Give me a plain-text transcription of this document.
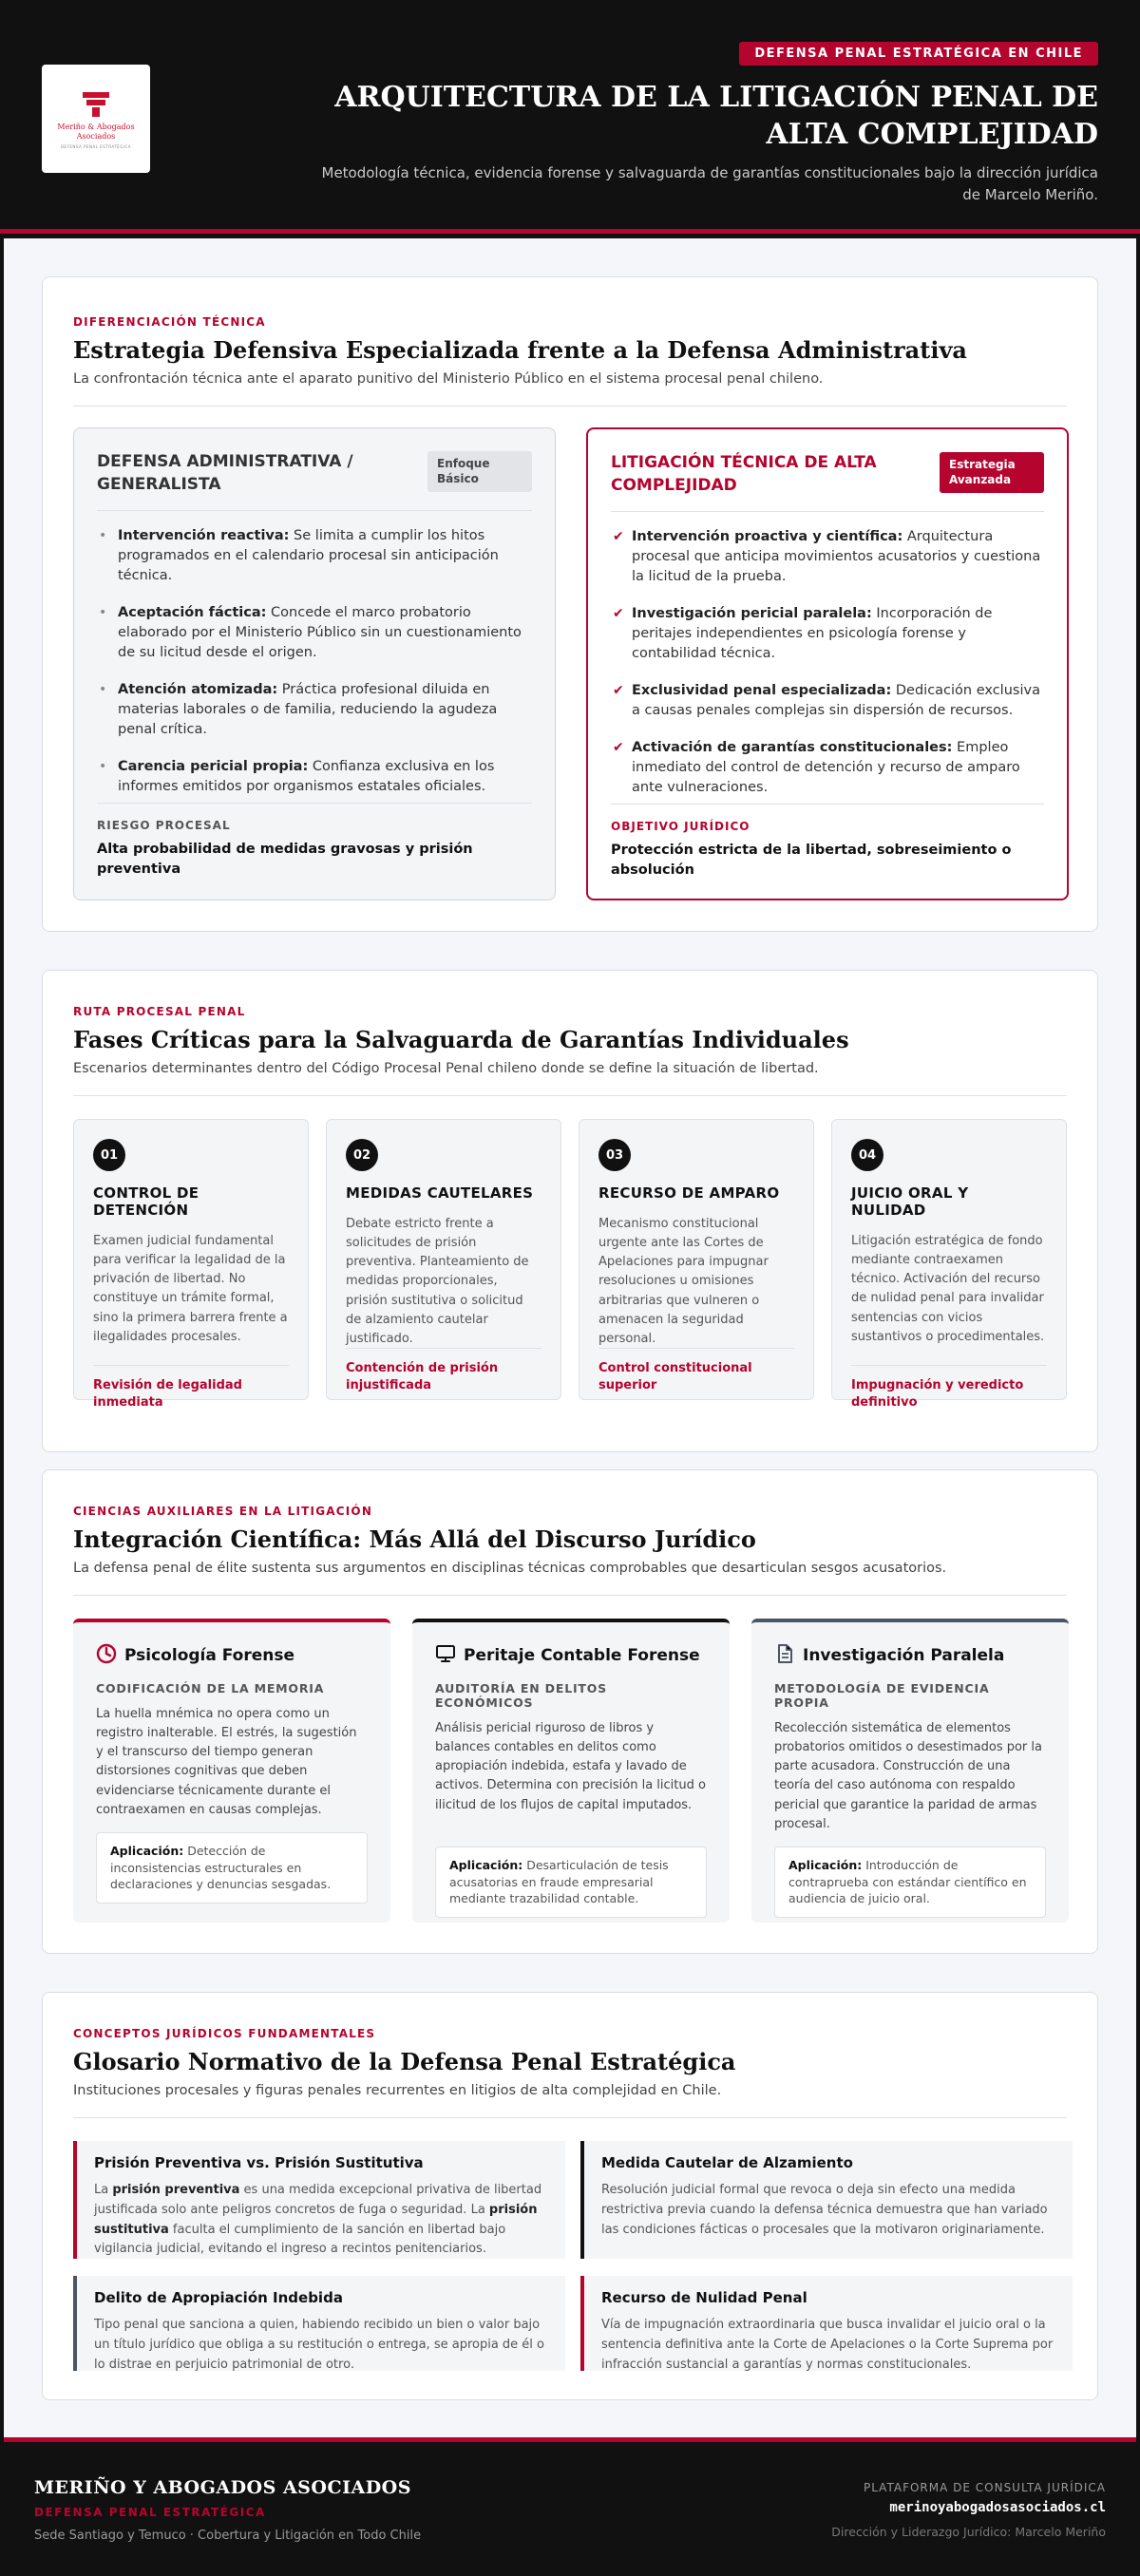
Meriño & Abogados Asociados
DEFENSA PENAL ESTRATÉGICA
DEFENSA PENAL ESTRATÉGICA EN CHILE
ARQUITECTURA DE LA LITIGACIÓN PENAL DE ALTA COMPLEJIDAD
Metodología técnica, evidencia forense y salvaguarda de garantías constitucionales bajo la dirección jurídica de Marcelo Meriño.
DIFERENCIACIÓN TÉCNICA
Estrategia Defensiva Especializada frente a la Defensa Administrativa
La confrontación técnica ante el aparato punitivo del Ministerio Público en el sistema procesal penal chileno.
DEFENSA ADMINISTRATIVA / GENERALISTA
Enfoque Básico
• Intervención reactiva: Se limita a cumplir los hitos programados en el calendario procesal sin anticipación técnica.
• Aceptación fáctica: Concede el marco probatorio elaborado por el Ministerio Público sin un cuestionamiento de su licitud desde el origen.
• Atención atomizada: Práctica profesional diluida en materias laborales o de familia, reduciendo la agudeza penal crítica.
• Carencia pericial propia: Confianza exclusiva en los informes emitidos por organismos estatales oficiales.
RIESGO PROCESAL
Alta probabilidad de medidas gravosas y prisión preventiva
LITIGACIÓN TÉCNICA DE ALTA COMPLEJIDAD
Estrategia Avanzada
✔ Intervención proactiva y científica: Arquitectura procesal que anticipa movimientos acusatorios y cuestiona la licitud de la prueba.
✔ Investigación pericial paralela: Incorporación de peritajes independientes en psicología forense y contabilidad técnica.
✔ Exclusividad penal especializada: Dedicación exclusiva a causas penales complejas sin dispersión de recursos.
✔ Activación de garantías constitucionales: Empleo inmediato del control de detención y recurso de amparo ante vulneraciones.
OBJETIVO JURÍDICO
Protección estricta de la libertad, sobreseimiento o absolución
RUTA PROCESAL PENAL
Fases Críticas para la Salvaguarda de Garantías Individuales
Escenarios determinantes dentro del Código Procesal Penal chileno donde se define la situación de libertad.
01
CONTROL DE DETENCIÓN
Examen judicial fundamental para verificar la legalidad de la privación de libertad. No constituye un trámite formal, sino la primera barrera frente a ilegalidades procesales.
Revisión de legalidad inmediata
02
MEDIDAS CAUTELARES
Debate estricto frente a solicitudes de prisión preventiva. Planteamiento de medidas proporcionales, prisión sustitutiva o solicitud de alzamiento cautelar justificado.
Contención de prisión injustificada
03
RECURSO DE AMPARO
Mecanismo constitucional urgente ante las Cortes de Apelaciones para impugnar resoluciones u omisiones arbitrarias que vulneren o amenacen la seguridad personal.
Control constitucional superior
04
JUICIO ORAL Y NULIDAD
Litigación estratégica de fondo mediante contraexamen técnico. Activación del recurso de nulidad penal para invalidar sentencias con vicios sustantivos o procedimentales.
Impugnación y veredicto definitivo
CIENCIAS AUXILIARES EN LA LITIGACIÓN
Integración Científica: Más Allá del Discurso Jurídico
La defensa penal de élite sustenta sus argumentos en disciplinas técnicas comprobables que desarticulan sesgos acusatorios.
Psicología Forense
CODIFICACIÓN DE LA MEMORIA
La huella mnémica no opera como un registro inalterable. El estrés, la sugestión y el transcurso del tiempo generan distorsiones cognitivas que deben evidenciarse técnicamente durante el contraexamen en causas complejas.
Aplicación: Detección de inconsistencias estructurales en declaraciones y denuncias sesgadas.
Peritaje Contable Forense
AUDITORÍA EN DELITOS ECONÓMICOS
Análisis pericial riguroso de libros y balances contables en delitos como apropiación indebida, estafa y lavado de activos. Determina con precisión la licitud o ilicitud de los flujos de capital imputados.
Aplicación: Desarticulación de tesis acusatorias en fraude empresarial mediante trazabilidad contable.
Investigación Paralela
METODOLOGÍA DE EVIDENCIA PROPIA
Recolección sistemática de elementos probatorios omitidos o desestimados por la parte acusadora. Construcción de una teoría del caso autónoma con respaldo pericial que garantice la paridad de armas procesal.
Aplicación: Introducción de contraprueba con estándar científico en audiencia de juicio oral.
CONCEPTOS JURÍDICOS FUNDAMENTALES
Glosario Normativo de la Defensa Penal Estratégica
Instituciones procesales y figuras penales recurrentes en litigios de alta complejidad en Chile.
Prisión Preventiva vs. Prisión Sustitutiva
La prisión preventiva es una medida excepcional privativa de libertad justificada solo ante peligros concretos de fuga o seguridad. La prisión sustitutiva faculta el cumplimiento de la sanción en libertad bajo vigilancia judicial, evitando el ingreso a recintos penitenciarios.
Medida Cautelar de Alzamiento
Resolución judicial formal que revoca o deja sin efecto una medida restrictiva previa cuando la defensa técnica demuestra que han variado las condiciones fácticas o procesales que la motivaron originariamente.
Delito de Apropiación Indebida
Tipo penal que sanciona a quien, habiendo recibido un bien o valor bajo un título jurídico que obliga a su restitución o entrega, se apropia de él o lo distrae en perjuicio patrimonial de otro.
Recurso de Nulidad Penal
Vía de impugnación extraordinaria que busca invalidar el juicio oral o la sentencia definitiva ante la Corte de Apelaciones o la Corte Suprema por infracción sustancial a garantías y normas constitucionales.
MERIÑO Y ABOGADOS ASOCIADOS
DEFENSA PENAL ESTRATÉGICA
Sede Santiago y Temuco · Cobertura y Litigación en Todo Chile
PLATAFORMA DE CONSULTA JURÍDICA
merinoyabogadosasociados.cl
Dirección y Liderazgo Jurídico: Marcelo Meriño
